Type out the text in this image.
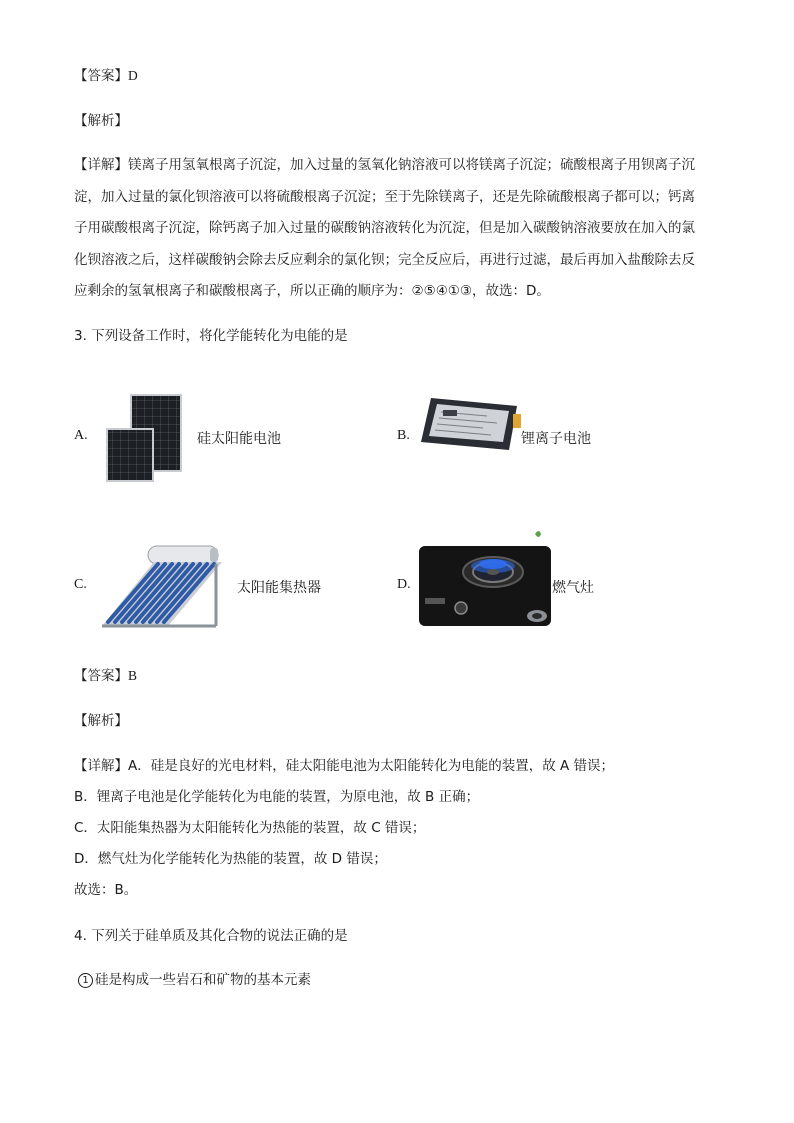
【答案】D
【解析】
【详解】镁离子用氢氧根离子沉淀，加入过量的氢氧化钠溶液可以将镁离子沉淀；硫酸根离子用钡离子沉
淀，加入过量的氯化钡溶液可以将硫酸根离子沉淀；至于先除镁离子，还是先除硫酸根离子都可以；钙离
子用碳酸根离子沉淀，除钙离子加入过量的碳酸钠溶液转化为沉淀，但是加入碳酸钠溶液要放在加入的氯
化钡溶液之后，这样碳酸钠会除去反应剩余的氯化钡；完全反应后，再进行过滤，最后再加入盐酸除去反
应剩余的氢氧根离子和碳酸根离子，所以正确的顺序为：②⑤④①③，故选：D。
3. 下列设备工作时，将化学能转化为电能的是
A.	硅太阳能电池	B.	锂离子电池
C.	太阳能集热器	D.	燃气灶
【答案】B
【解析】
【详解】A．硅是良好的光电材料，硅太阳能电池为太阳能转化为电能的装置，故 A 错误；
B．锂离子电池是化学能转化为电能的装置，为原电池，故 B 正确；
C．太阳能集热器为太阳能转化为热能的装置，故 C 错误；
D．燃气灶为化学能转化为热能的装置，故 D 错误；
故选：B。
4. 下列关于硅单质及其化合物的说法正确的是
1 硅是构成一些岩石和矿物的基本元素
